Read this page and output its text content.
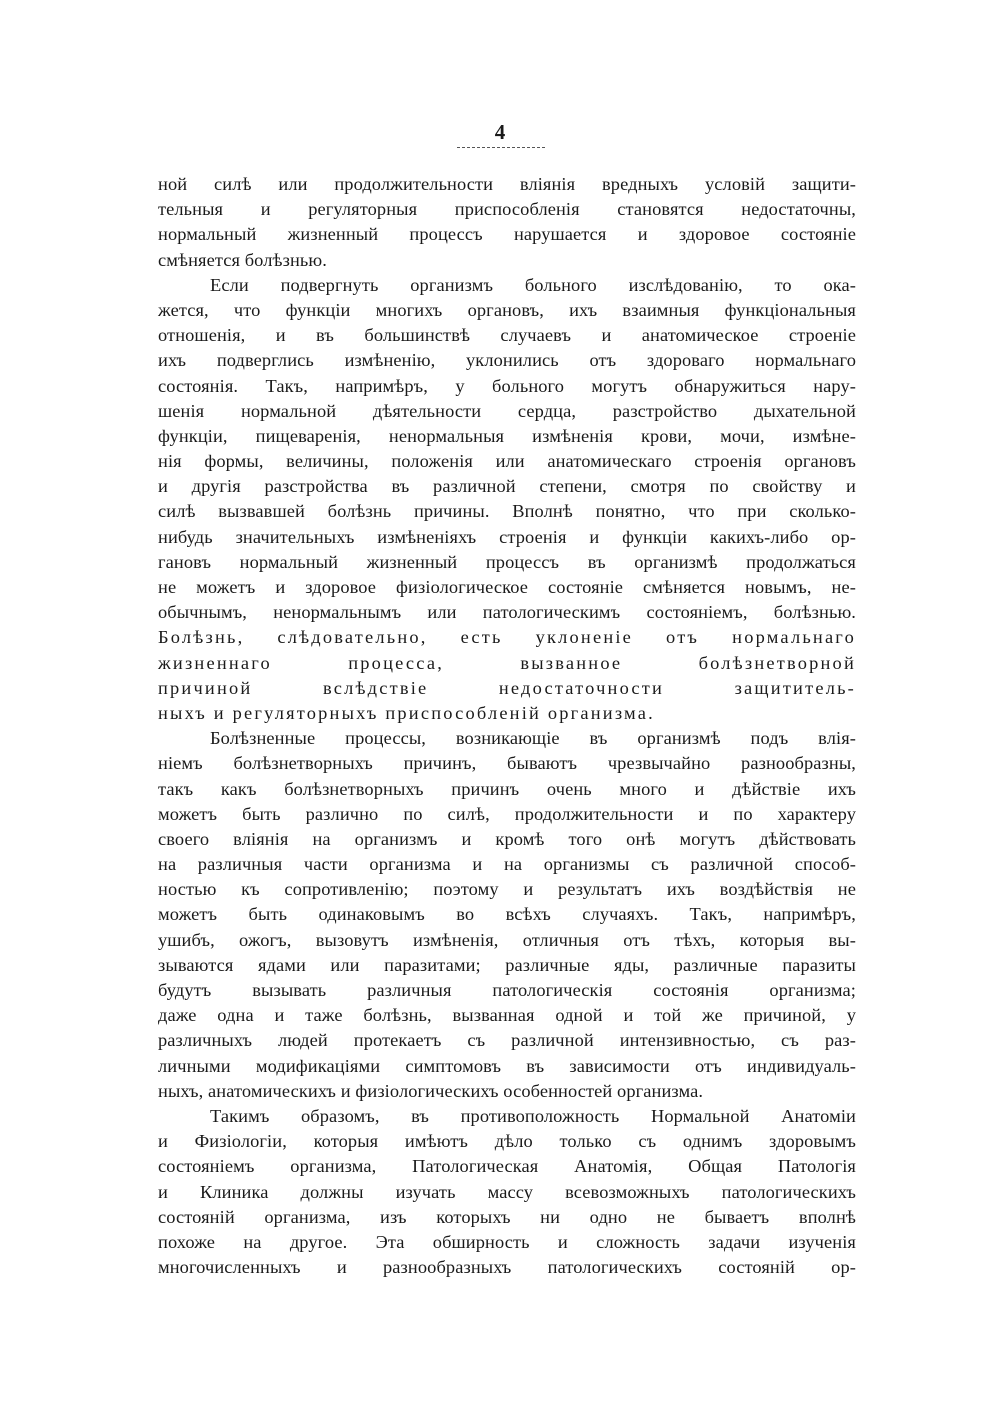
4
ной силѣ или продолжительности вліянія вредныхъ условій защити-
тельныя и регуляторныя приспособленія становятся недостаточны,
нормальный жизненный процессъ нарушается и здоровое состояніе
смѣняется болѣзнью.
Если подвергнуть организмъ больного изслѣдованію, то ока-
жется, что функціи многихъ органовъ, ихъ взаимныя функціональныя
отношенія, и въ большинствѣ случаевъ и анатомическое строеніе
ихъ подверглись измѣненію, уклонились отъ здороваго нормальнаго
состоянія. Такъ, напримѣръ, у больного могутъ обнаружиться нару-
шенія нормальной дѣятельности сердца, разстройство дыхательной
функціи, пищеваренія, ненормальныя измѣненія крови, мочи, измѣне-
нія формы, величины, положенія или анатомическаго строенія органовъ
и другія разстройства въ различной степени, смотря по свойству и
силѣ вызвавшей болѣзнь причины. Вполнѣ понятно, что при сколько-
нибудь значительныхъ измѣненіяхъ строенія и функціи какихъ-либо ор-
гановъ нормальный жизненный процессъ въ организмѣ продолжаться
не можетъ и здоровое физіологическое состояніе смѣняется новымъ, не-
обычнымъ, ненормальнымъ или патологическимъ состояніемъ, болѣзнью.
Болѣзнь, слѣдовательно, есть уклоненіе отъ нормальнаго
жизненнаго процесса, вызванное болѣзнетворной
причиной вслѣдствіе недостаточности защититель-
ныхъ и регуляторныхъ приспособленій организма.
Болѣзненные процессы, возникающіе въ организмѣ подъ влія-
ніемъ болѣзнетворныхъ причинъ, бываютъ чрезвычайно разнообразны,
такъ какъ болѣзнетворныхъ причинъ очень много и дѣйствіе ихъ
можетъ быть различно по силѣ, продолжительности и по характеру
своего вліянія на организмъ и кромѣ того онѣ могутъ дѣйствовать
на различныя части организма и на организмы съ различной способ-
ностью къ сопротивленію; поэтому и результатъ ихъ воздѣйствія не
можетъ быть одинаковымъ во всѣхъ случаяхъ. Такъ, напримѣръ,
ушибъ, ожогъ, вызовутъ измѣненія, отличныя отъ тѣхъ, которыя вы-
зываются ядами или паразитами; различные яды, различные паразиты
будутъ вызывать различныя патологическія состоянія организма;
даже одна и таже болѣзнь, вызванная одной и той же причиной, у
различныхъ людей протекаетъ съ различной интензивностью, съ раз-
личными модификаціями симптомовъ въ зависимости отъ индивидуаль-
ныхъ, анатомическихъ и физіологическихъ особенностей организма.
Такимъ образомъ, въ противоположность Нормальной Анатоміи
и Физіологіи, которыя имѣютъ дѣло только съ однимъ здоровымъ
состояніемъ организма, Патологическая Анатомія, Общая Патологія
и Клиника должны изучать массу всевозможныхъ патологическихъ
состояній организма, изъ которыхъ ни одно не бываетъ вполнѣ
похоже на другое. Эта обширность и сложность задачи изученія
многочисленныхъ и разнообразныхъ патологическихъ состояній ор-
